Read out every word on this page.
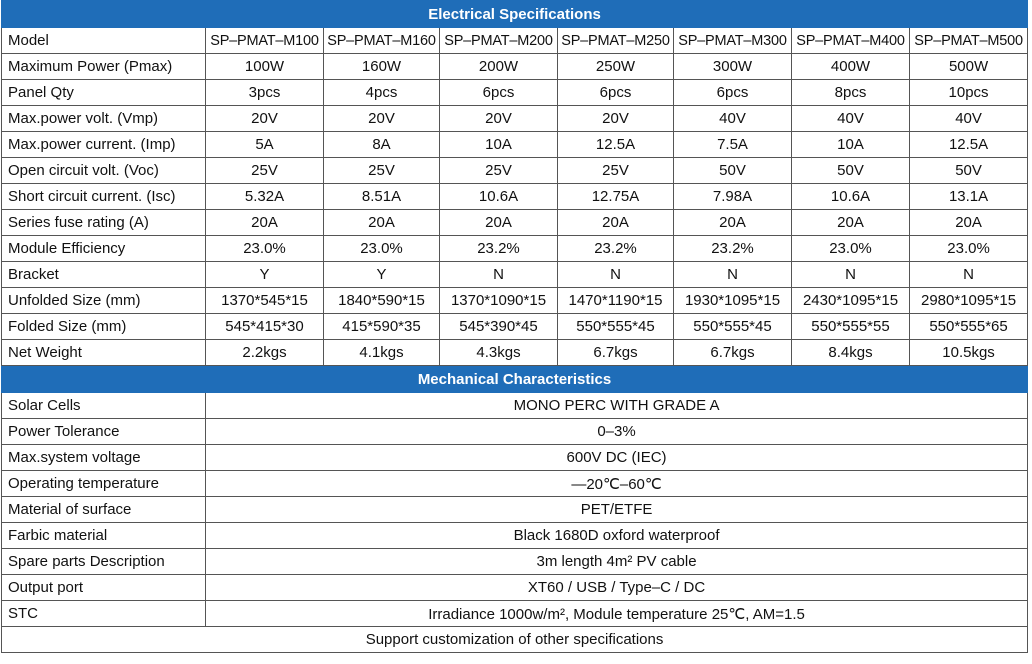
Electrical Specifications							
Model	SP–PMAT–M100	SP–PMAT–M160	SP–PMAT–M200	SP–PMAT–M250	SP–PMAT–M300	SP–PMAT–M400	SP–PMAT–M500
Maximum Power (Pmax)	100W	160W	200W	250W	300W	400W	500W
Panel Qty	3pcs	4pcs	6pcs	6pcs	6pcs	8pcs	10pcs
Max.power volt. (Vmp)	20V	20V	20V	20V	40V	40V	40V
Max.power current. (Imp)	5A	8A	10A	12.5A	7.5A	10A	12.5A
Open circuit volt. (Voc)	25V	25V	25V	25V	50V	50V	50V
Short circuit current. (Isc)	5.32A	8.51A	10.6A	12.75A	7.98A	10.6A	13.1A
Series fuse rating (A)	20A	20A	20A	20A	20A	20A	20A
Module Efficiency	23.0%	23.0%	23.2%	23.2%	23.2%	23.0%	23.0%
Bracket	Y	Y	N	N	N	N	N
Unfolded Size (mm)	1370*545*15	1840*590*15	1370*1090*15	1470*1190*15	1930*1095*15	2430*1095*15	2980*1095*15
Folded Size (mm)	545*415*30	415*590*35	545*390*45	550*555*45	550*555*45	550*555*55	550*555*65
Net Weight	2.2kgs	4.1kgs	4.3kgs	6.7kgs	6.7kgs	8.4kgs	10.5kgs
Mechanical Characteristics							
Solar Cells	MONO PERC WITH GRADE A						
Power Tolerance	0–3%						
Max.system voltage	600V DC (IEC)						
Operating temperature	—20℃–60℃						
Material of surface	PET/ETFE						
Farbic material	Black 1680D oxford waterproof						
Spare parts Description	3m length 4m² PV cable						
Output port	XT60 / USB / Type–C / DC						
STC	Irradiance 1000w/m², Module temperature 25℃, AM=1.5						
Support customization of other specifications							
